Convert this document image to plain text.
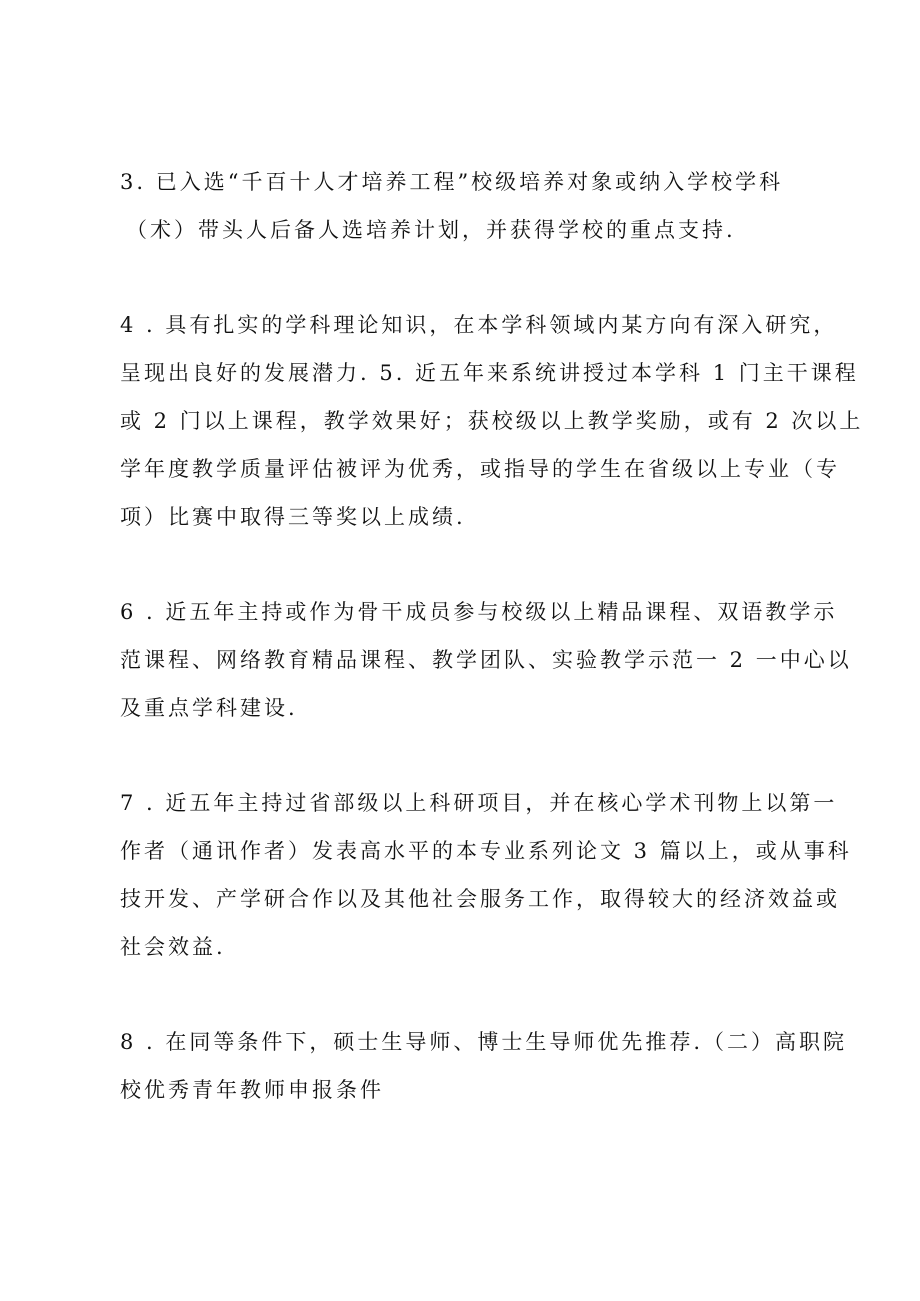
3. 已入选“千百十人才培养工程”校级培养对象或纳入学校学科
（术）带头人后备人选培养计划，并获得学校的重点支持.
4 . 具有扎实的学科理论知识，在本学科领域内某方向有深入研究，
呈现出良好的发展潜力. 5. 近五年来系统讲授过本学科 1 门主干课程
或 2 门以上课程，教学效果好；获校级以上教学奖励，或有 2 次以上
学年度教学质量评估被评为优秀，或指导的学生在省级以上专业（专
项）比赛中取得三等奖以上成绩.
6 . 近五年主持或作为骨干成员参与校级以上精品课程、双语教学示
范课程、网络教育精品课程、教学团队、实验教学示范一 2 一中心以
及重点学科建设.
7 . 近五年主持过省部级以上科研项目，并在核心学术刊物上以第一
作者（通讯作者）发表高水平的本专业系列论文 3 篇以上，或从事科
技开发、产学研合作以及其他社会服务工作，取得较大的经济效益或
社会效益.
8 . 在同等条件下，硕士生导师、博士生导师优先推荐.（二）高职院
校优秀青年教师申报条件
